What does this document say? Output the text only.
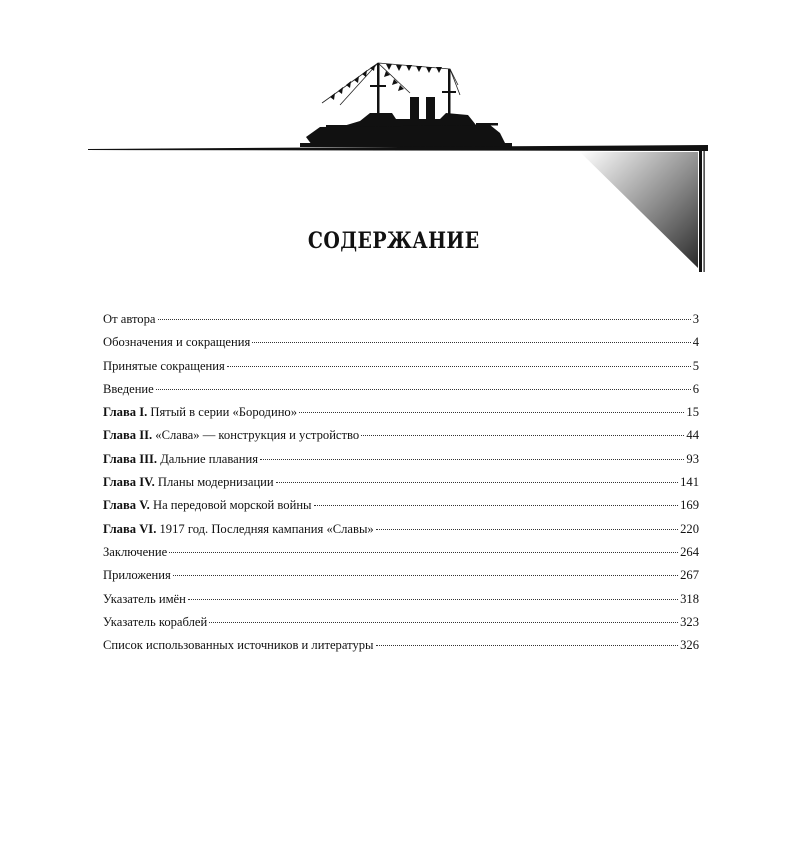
СОДЕРЖАНИЕ
От автора	3
Обозначения и сокращения	4
Принятые сокращения	5
Введение	6
Глава I. Пятый в серии «Бородино»	15
Глава II. «Слава» — конструкция и устройство	44
Глава III. Дальние плавания	93
Глава IV. Планы модернизации	141
Глава V. На передовой морской войны	169
Глава VI. 1917 год. Последняя кампания «Славы»	220
Заключение	264
Приложения	267
Указатель имён	318
Указатель кораблей	323
Список использованных источников и литературы	326
